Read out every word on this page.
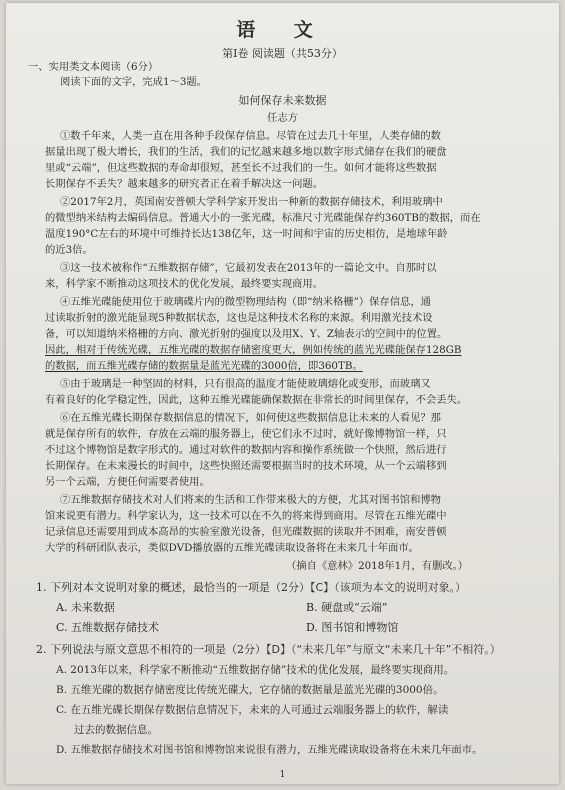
语 文
第Ⅰ卷 阅读题（共53分）
一、实用类文本阅读（6分）
阅读下面的文字，完成1～3题。
如何保存未来数据
任志方
①数千年来，人类一直在用各种手段保存信息。尽管在过去几十年里，人类存储的数
据量出现了极大增长，我们的生活，我们的记忆越来越多地以数字形式储存在我们的硬盘
里或“云端”，但这些数据的寿命却很短，甚至长不过我们的一生。如何才能将这些数据
长期保存不丢失？越来越多的研究者正在着手解决这一问题。
②2017年2月，英国南安普顿大学科学家开发出一种新的数据存储技术，利用玻璃中
的微型纳米结构去编码信息。普通大小的一张光碟，标准尺寸光碟能保存约360TB的数据，而在
温度190°C左右的环境中可维持长达138亿年，这一时间和宇宙的历史相仿，是地球年龄
的近3倍。
③这一技术被称作“五维数据存储”，它最初发表在2013年的一篇论文中。自那时以
来，科学家不断推动这项技术的优化发展，最终要实现商用。
④五维光碟能使用位于玻璃碟片内的微型物理结构（即“纳米格栅”）保存信息，通
过读取折射的激光能显现5种数据状态，这也是这种技术名称的来源。利用激光技术设
备，可以知道纳米格栅的方向、激光折射的强度以及用X、Y、Z轴表示的空间中的位置。
因此，相对于传统光碟，五维光碟的数据存储密度更大，例如传统的蓝光光碟能保存128GB
的数据，而五维光碟存储的数据量是蓝光光碟的3000倍，即360TB。
⑤由于玻璃是一种坚固的材料，只有很高的温度才能使玻璃熔化或变形，而玻璃又
有着良好的化学稳定性，因此，这种五维光碟能确保数据在非常长的时间里保存，不会丢失。
⑥在五维光碟长期保存数据信息的情况下，如何使这些数据信息让未来的人看见？那
就是保存所有的软件，存放在云端的服务器上，使它们永不过时，就好像博物馆一样，只
不过这个博物馆是数字形式的。通过对软件的数据内容和操作系统做一个快照，然后进行
长期保存。在未来漫长的时间中，这些快照还需要根据当时的技术环境，从一个云端移到
另一个云端，方便任何需要者使用。
⑦五维数据存储技术对人们将来的生活和工作带来极大的方便，尤其对图书馆和博物
馆来说更有潜力。科学家认为，这一技术可以在不久的将来得到商用。尽管在五维光碟中
记录信息还需要用到成本高昂的实验室激光设备，但光碟数据的读取并不困难，南安普顿
大学的科研团队表示，类似DVD播放器的五维光碟读取设备将在未来几十年面市。
（摘自《意林》2018年1月，有删改。）
1. 下列对本文说明对象的概述，最恰当的一项是（2分）【C】（该项为本文的说明对象。）
A. 未来数据	B. 硬盘或“云端”
C. 五维数据存储技术	D. 图书馆和博物馆
2. 下列说法与原文意思不相符的一项是（2分）【D】（“未来几年”与原文“未来几十年”不相符。）
A. 2013年以来，科学家不断推动“五维数据存储”技术的优化发展，最终要实现商用。
B. 五维光碟的数据存储密度比传统光碟大，它存储的数据量是蓝光光碟的3000倍。
C. 在五维光碟长期保存数据信息情况下，未来的人可通过云端服务器上的软件，解读
过去的数据信息。
D. 五维数据存储技术对图书馆和博物馆来说很有潜力，五维光碟读取设备将在未来几年面市。
1
